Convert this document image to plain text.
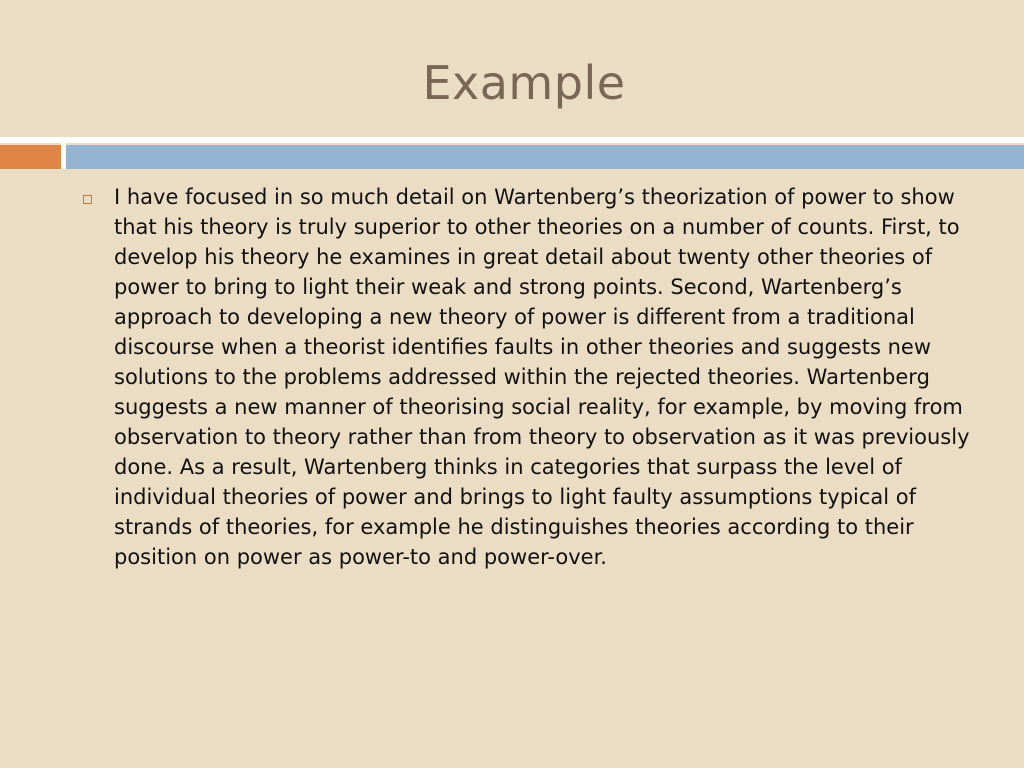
Example

I have focused in so much detail on Wartenberg’s theorization of power to show that his theory is truly superior to other theories on a number of counts. First, to develop his theory he examines in great detail about twenty other theories of power to bring to light their weak and strong points. Second, Wartenberg’s approach to developing a new theory of power is different from a traditional discourse when a theorist identifies faults in other theories and suggests new solutions to the problems addressed within the rejected theories. Wartenberg suggests a new manner of theorising social reality, for example, by moving from observation to theory rather than from theory to observation as it was previously done. As a result, Wartenberg thinks in categories that surpass the level of individual theories of power and brings to light faulty assumptions typical of strands of theories, for example he distinguishes theories according to their position on power as power-to and power-over.
